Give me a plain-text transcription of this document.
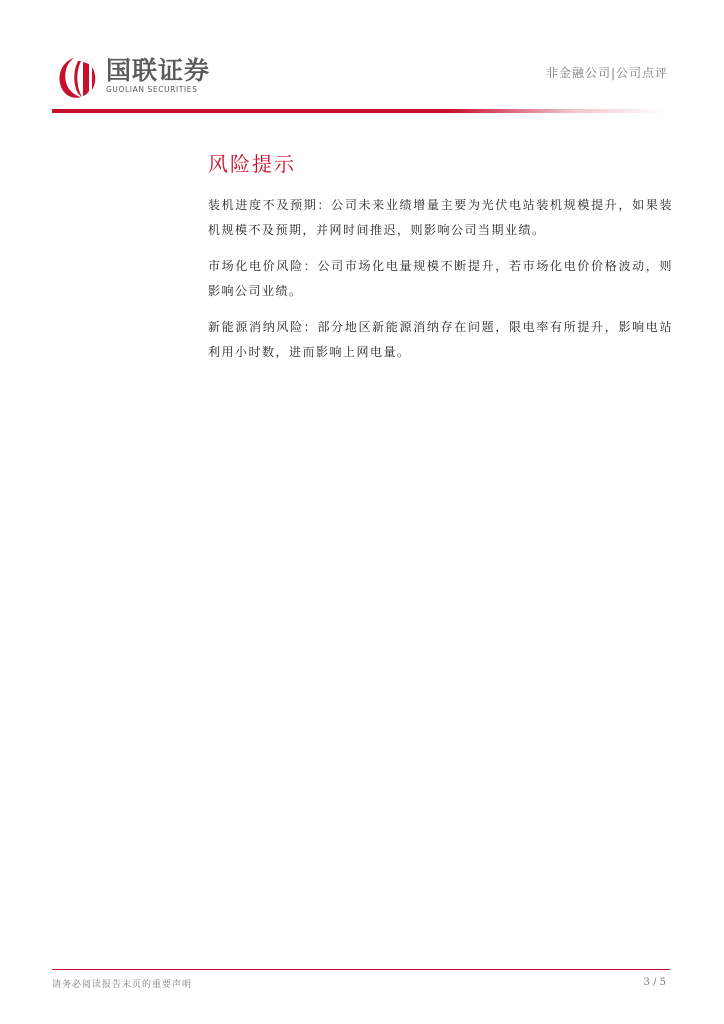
国联证券
GUOLIAN SECURITIES
非金融公司|公司点评
风险提示

装机进度不及预期：公司未来业绩增量主要为光伏电站装机规模提升，如果装机规模不及预期，并网时间推迟，则影响公司当期业绩。

市场化电价风险：公司市场化电量规模不断提升，若市场化电价价格波动，则影响公司业绩。

新能源消纳风险：部分地区新能源消纳存在问题，限电率有所提升，影响电站利用小时数，进而影响上网电量。

请务必阅读报告末页的重要声明	3 / 5
